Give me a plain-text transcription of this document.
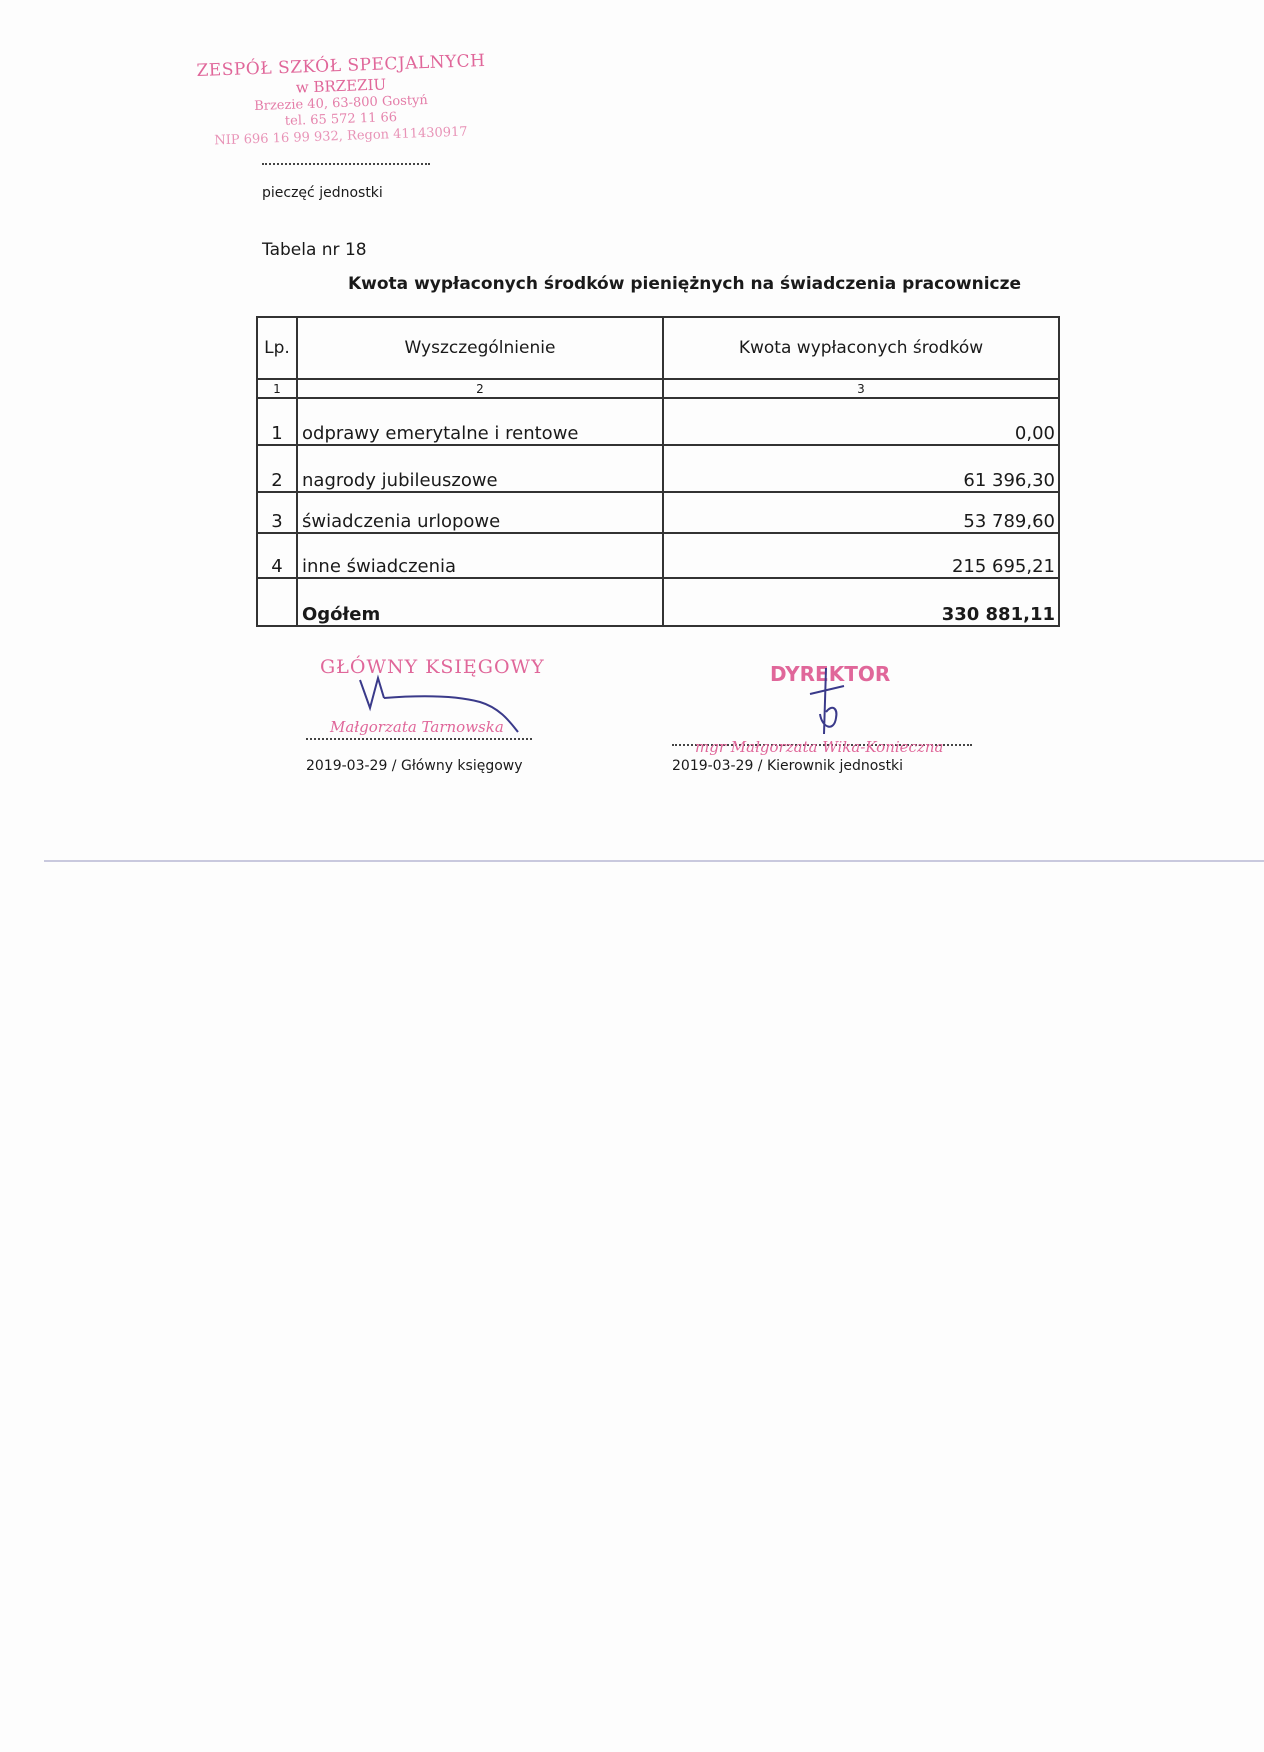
ZESPÓŁ SZKÓŁ SPECJALNYCH
w BRZEZIU
Brzezie 40, 63-800 Gostyń
tel. 65 572 11 66
NIP 696 16 99 932, Regon 411430917
pieczęć jednostki
Tabela nr 18
Kwota wypłaconych środków pieniężnych na świadczenia pracownicze
Lp.	Wyszczególnienie	Kwota wypłaconych środków
1	2	3
1	odprawy emerytalne i rentowe	0,00
2	nagrody jubileuszowe	61 396,30
3	świadczenia urlopowe	53 789,60
4	inne świadczenia	215 695,21
	Ogółem	330 881,11
GŁÓWNY KSIĘGOWY
Małgorzata Tarnowska
2019-03-29 / Główny księgowy
DYREKTOR
mgr Małgorzata Wika-Konieczna
2019-03-29 / Kierownik jednostki
